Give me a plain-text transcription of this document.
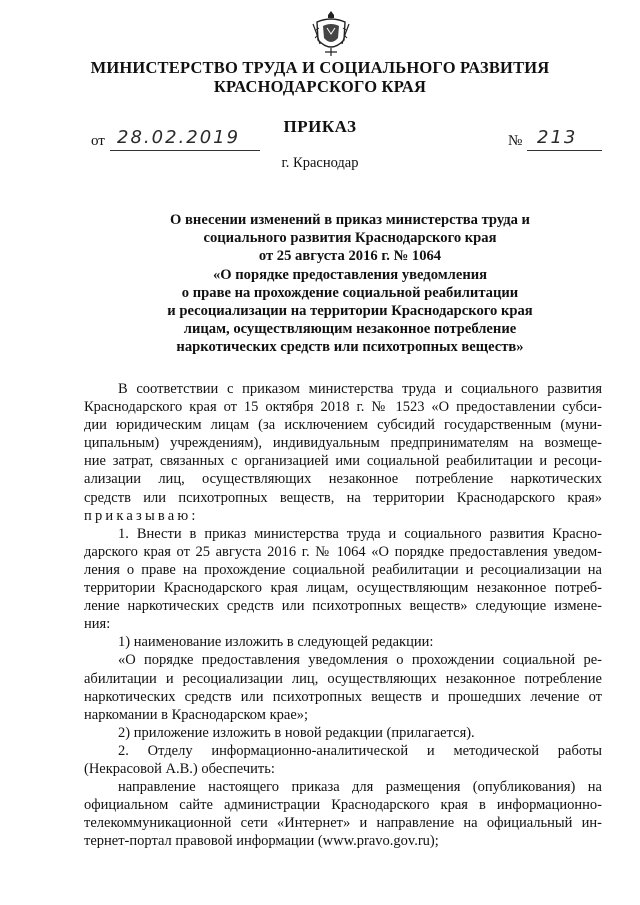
МИНИСТЕРСТВО ТРУДА И СОЦИАЛЬНОГО РАЗВИТИЯ
КРАСНОДАРСКОГО КРАЯ
ПРИКАЗ
от 28.02.2019	№ 213
г. Краснодар
О внесении изменений в приказ министерства труда и
социального развития Краснодарского края
от 25 августа 2016 г. № 1064
«О порядке предоставления уведомления
о праве на прохождение социальной реабилитации
и ресоциализации на территории Краснодарского края
лицам, осуществляющим незаконное потребление
наркотических средств или психотропных веществ»
В соответствии с приказом министерства труда и социального развития
Краснодарского края от 15 октября 2018 г. № 1523 «О предоставлении субси-
дии юридическим лицам (за исключением субсидий государственным (муни-
ципальным) учреждениям), индивидуальным предпринимателям на возмеще-
ние затрат, связанных с организацией ими социальной реабилитации и ресоци-
ализации лиц, осуществляющих незаконное потребление наркотических
средств или психотропных веществ, на территории Краснодарского края»
приказываю:
1. Внести в приказ министерства труда и социального развития Красно-
дарского края от 25 августа 2016 г. № 1064 «О порядке предоставления уведом-
ления о праве на прохождение социальной реабилитации и ресоциализации на
территории Краснодарского края лицам, осуществляющим незаконное потреб-
ление наркотических средств или психотропных веществ» следующие измене-
ния:
1) наименование изложить в следующей редакции:
«О порядке предоставления уведомления о прохождении социальной ре-
абилитации и ресоциализации лиц, осуществляющих незаконное потребление
наркотических средств или психотропных веществ и прошедших лечение от
наркомании в Краснодарском крае»;
2) приложение изложить в новой редакции (прилагается).
2. Отделу информационно-аналитической и методической работы
(Некрасовой А.В.) обеспечить:
направление настоящего приказа для размещения (опубликования) на
официальном сайте администрации Краснодарского края в информационно-
телекоммуникационной сети «Интернет» и направление на официальный ин-
тернет-портал правовой информации (www.pravo.gov.ru);
